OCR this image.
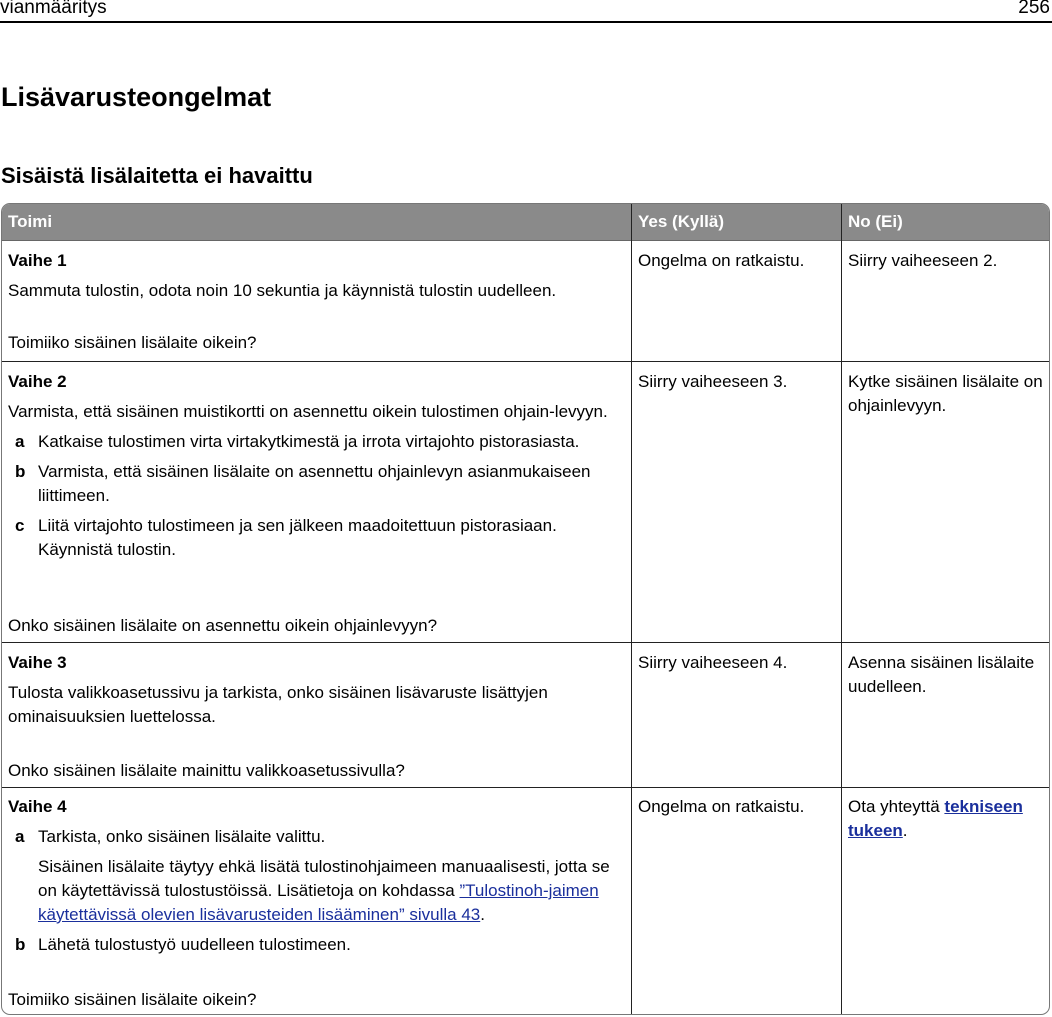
vianmääritys	256
Lisävarusteongelmat
Sisäistä lisälaitetta ei havaittu
Toimi	Yes (Kyllä)	No (Ei)
Vaihe 1
Sammuta tulostin, odota noin 10 sekuntia ja käynnistä tulostin uudelleen.
Toimiiko sisäinen lisälaite oikein?
Ongelma on ratkaistu.	Siirry vaiheeseen 2.
Vaihe 2
Varmista, että sisäinen muistikortti on asennettu oikein tulostimen ohjain-levyyn.
a Katkaise tulostimen virta virtakytkimestä ja irrota virtajohto pistorasiasta.
b Varmista, että sisäinen lisälaite on asennettu ohjainlevyn asianmukaiseen liittimeen.
c Liitä virtajohto tulostimeen ja sen jälkeen maadoitettuun pistorasiaan. Käynnistä tulostin.
Onko sisäinen lisälaite on asennettu oikein ohjainlevyyn?
Siirry vaiheeseen 3.	Kytke sisäinen lisälaite on ohjainlevyyn.
Vaihe 3
Tulosta valikkoasetussivu ja tarkista, onko sisäinen lisävaruste lisättyjen ominaisuuksien luettelossa.
Onko sisäinen lisälaite mainittu valikkoasetussivulla?
Siirry vaiheeseen 4.	Asenna sisäinen lisälaite uudelleen.
Vaihe 4
a Tarkista, onko sisäinen lisälaite valittu.
Sisäinen lisälaite täytyy ehkä lisätä tulostinohjaimeen manuaalisesti, jotta se on käytettävissä tulostustöissä. Lisätietoja on kohdassa ”Tulostinoh-jaimen käytettävissä olevien lisävarusteiden lisääminen” sivulla 43.
b Lähetä tulostustyö uudelleen tulostimeen.
Toimiiko sisäinen lisälaite oikein?
Ongelma on ratkaistu.	Ota yhteyttä tekniseen tukeen.
